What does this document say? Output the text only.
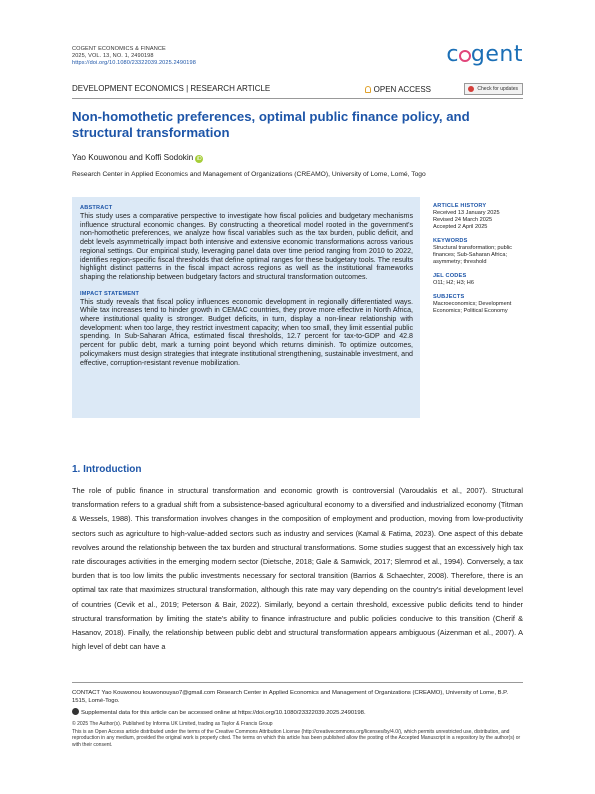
COGENT ECONOMICS & FINANCE
2025, VOL. 13, NO. 1, 2490198
https://doi.org/10.1080/23322039.2025.2490198	c gent
DEVELOPMENT ECONOMICS | RESEARCH ARTICLE	OPEN ACCESS	Check for updates
Non-homothetic preferences, optimal public finance policy, and structural transformation
Yao Kouwonou and Koffi Sodokin iD
Research Center in Applied Economics and Management of Organizations (CREAMO), University of Lome, Lomé, Togo
ABSTRACT
This study uses a comparative perspective to investigate how fiscal policies and budgetary mechanisms influence structural economic changes. By constructing a theoretical model rooted in the government's non-homothetic preferences, we analyze how fiscal variables such as the tax burden, public deficit, and debt levels asymmetrically impact both intensive and extensive economic transformations across various regional settings. Our empirical study, leveraging panel data over time period ranging from 2010 to 2022, identifies region-specific fiscal thresholds that define optimal ranges for these budgetary tools. The results highlight distinct patterns in the fiscal impact across regions as well as the institutional frameworks shaping the relationship between budgetary factors and structural transformation outcomes.
IMPACT STATEMENT
This study reveals that fiscal policy influences economic development in regionally differentiated ways. While tax increases tend to hinder growth in CEMAC countries, they prove more effective in North Africa, where institutional quality is stronger. Budget deficits, in turn, display a non-linear relationship with development: when too large, they restrict investment capacity; when too small, they limit essential public spending. In Sub-Saharan Africa, estimated fiscal thresholds, 12.7 percent for tax-to-GDP and 42.8 percent for public debt, mark a turning point beyond which returns diminish. To optimize outcomes, policymakers must design strategies that integrate institutional strengthening, sustainable investment, and effective, corruption-resistant revenue mobilization.
ARTICLE HISTORY
Received 13 January 2025
Revised 24 March 2025
Accepted 2 April 2025
KEYWORDS
Structural transformation; public finances; Sub-Saharan Africa; asymmetry; threshold
JEL CODES
O11; H2; H3; H6
SUBJECTS
Macroeconomics; Development Economics; Political Economy
1. Introduction
The role of public finance in structural transformation and economic growth is controversial (Varoudakis et al., 2007). Structural transformation refers to a gradual shift from a subsistence-based agricultural economy to a diversified and industrialized economy (Titman & Wessels, 1988). This transformation involves changes in the composition of employment and production, moving from low-productivity sectors such as agriculture to high-value-added sectors such as industry and services (Kamal & Fatima, 2023). One aspect of this debate revolves around the relationship between the tax burden and structural transformations. Some studies suggest that an excessively high tax rate discourages activities in the emerging modern sector (Dietsche, 2018; Gale & Samwick, 2017; Slemrod et al., 1994). Conversely, a tax burden that is too low limits the public investments necessary for sectoral transition (Barrios & Schaechter, 2008). Therefore, there is an optimal tax rate that maximizes structural transformation, although this rate may vary depending on the country's initial development level of countries (Cevik et al., 2019; Peterson & Bair, 2022). Similarly, beyond a certain threshold, excessive public deficits tend to hinder structural transformation by limiting the state's ability to finance infrastructure and public policies conducive to this transition (Cherif & Hasanov, 2018). Finally, the relationship between public debt and structural transformation appears ambiguous (Aizenman et al., 2007). A high level of debt can have a
CONTACT Yao Kouwonou kouwonouyao7@gmail.com Research Center in Applied Economics and Management of Organizations (CREAMO), University of Lome, B.P. 1515, Lomé-Togo.
Supplemental data for this article can be accessed online at https://doi.org/10.1080/23322039.2025.2490198.
© 2025 The Author(s). Published by Informa UK Limited, trading as Taylor & Francis Group
This is an Open Access article distributed under the terms of the Creative Commons Attribution License (http://creativecommons.org/licenses/by/4.0/), which permits unrestricted use, distribution, and reproduction in any medium, provided the original work is properly cited. The terms on which this article has been published allow the posting of the Accepted Manuscript in a repository by the author(s) or with their consent.
